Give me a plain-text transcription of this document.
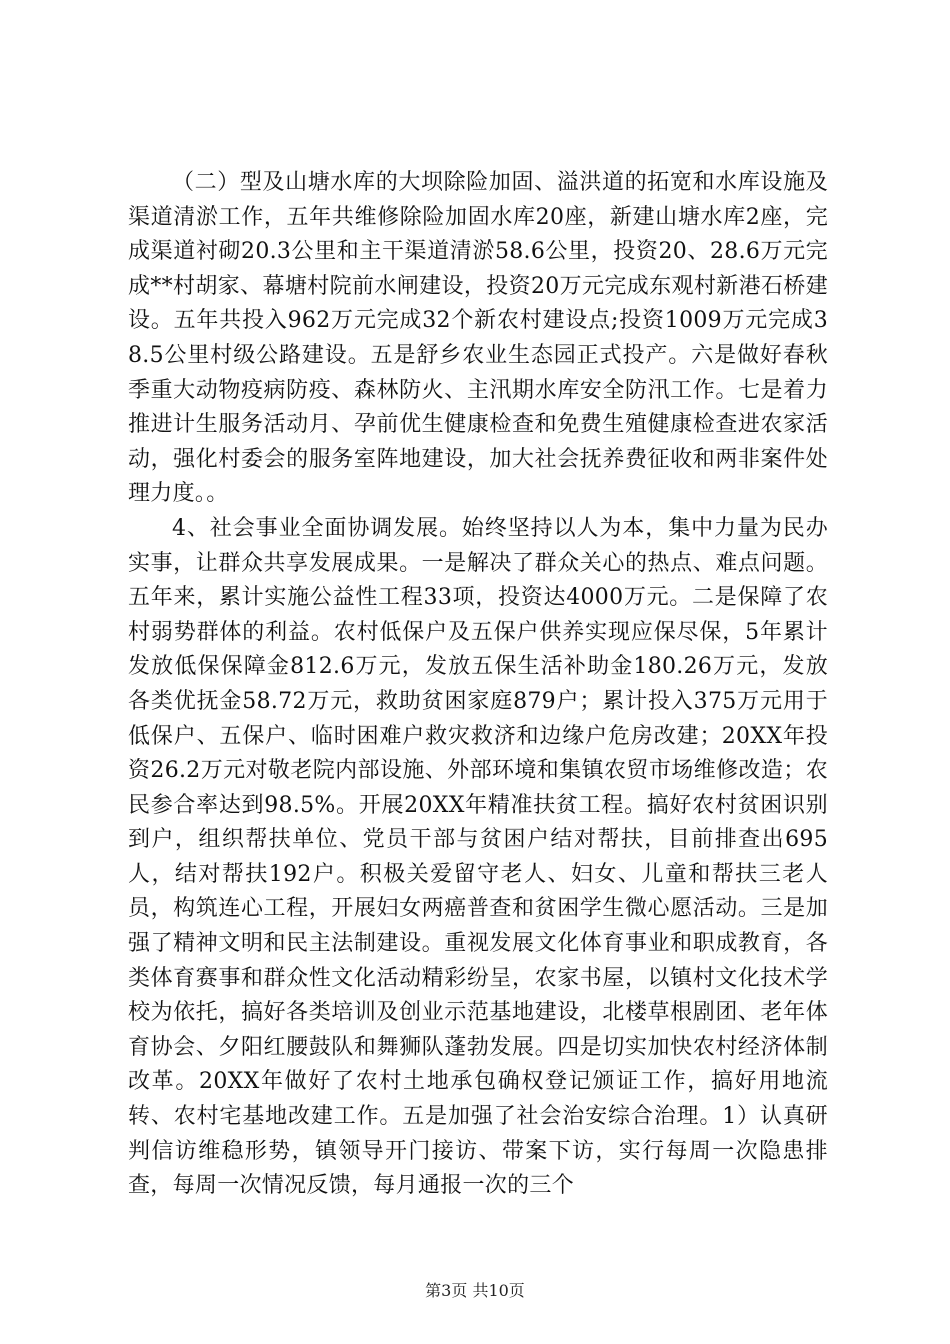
（二）型及山塘水库的大坝除险加固、溢洪道的拓宽和水库设施及渠道清淤工作，五年共维修除险加固水库20座，新建山塘水库2座，完成渠道衬砌20.3公里和主干渠道清淤58.6公里，投资20、28.6万元完成**村胡家、幕塘村院前水闸建设，投资20万元完成东观村新港石桥建设。五年共投入962万元完成32个新农村建设点;投资1009万元完成38.5公里村级公路建设。五是舒乡农业生态园正式投产。六是做好春秋季重大动物疫病防疫、森林防火、主汛期水库安全防汛工作。七是着力推进计生服务活动月、孕前优生健康检查和免费生殖健康检查进农家活动，强化村委会的服务室阵地建设，加大社会抚养费征收和两非案件处理力度。。

4、社会事业全面协调发展。始终坚持以人为本，集中力量为民办实事，让群众共享发展成果。一是解决了群众关心的热点、难点问题。五年来，累计实施公益性工程33项，投资达4000万元。二是保障了农村弱势群体的利益。农村低保户及五保户供养实现应保尽保，5年累计发放低保保障金812.6万元，发放五保生活补助金180.26万元，发放各类优抚金58.72万元，救助贫困家庭879户；累计投入375万元用于低保户、五保户、临时困难户救灾救济和边缘户危房改建；20XX年投资26.2万元对敬老院内部设施、外部环境和集镇农贸市场维修改造；农民参合率达到98.5%。开展20XX年精准扶贫工程。搞好农村贫困识别到户，组织帮扶单位、党员干部与贫困户结对帮扶，目前排查出695人，结对帮扶192户。积极关爱留守老人、妇女、儿童和帮扶三老人员，构筑连心工程，开展妇女两癌普查和贫困学生微心愿活动。三是加强了精神文明和民主法制建设。重视发展文化体育事业和职成教育，各类体育赛事和群众性文化活动精彩纷呈，农家书屋，以镇村文化技术学校为依托，搞好各类培训及创业示范基地建设，北楼草根剧团、老年体育协会、夕阳红腰鼓队和舞狮队蓬勃发展。四是切实加快农村经济体制改革。20XX年做好了农村土地承包确权登记颁证工作，搞好用地流转、农村宅基地改建工作。五是加强了社会治安综合治理。1）认真研判信访维稳形势，镇领导开门接访、带案下访，实行每周一次隐患排查，每周一次情况反馈，每月通报一次的三个

第3页 共10页
